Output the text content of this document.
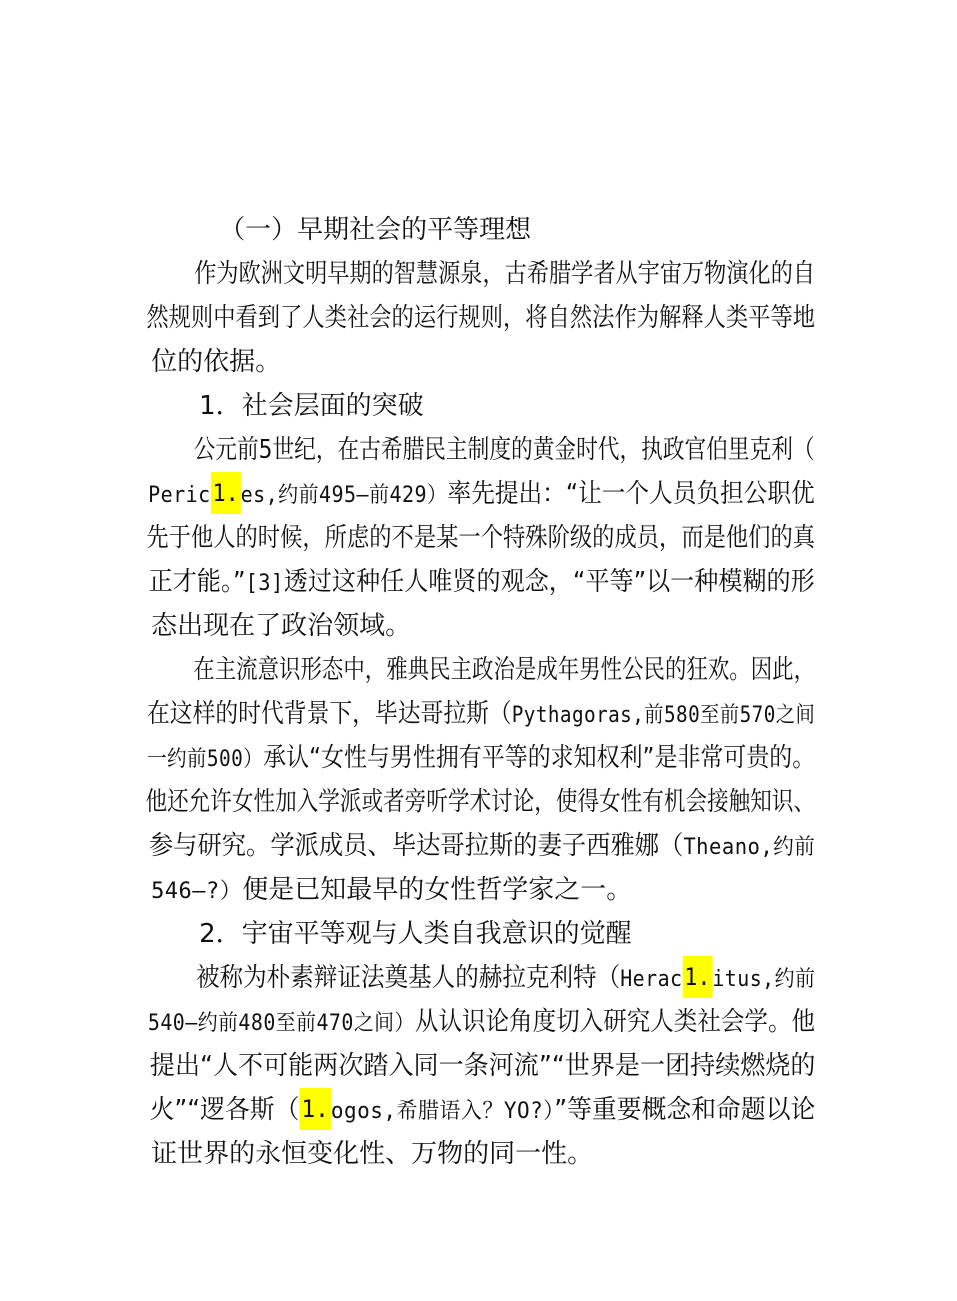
（一）早期社会的平等理想

作为欧洲文明早期的智慧源泉，古希腊学者从宇宙万物演化的自

然规则中看到了人类社会的运行规则，将自然法作为解释人类平等地

位的依据。

1．社会层面的突破

公元前5世纪，在古希腊民主制度的黄金时代，执政官伯里克利（

Peric1.es,约前495—前429）率先提出：“让一个人员负担公职优

先于他人的时候，所虑的不是某一个特殊阶级的成员，而是他们的真

正才能。”[3]透过这种任人唯贤的观念，“平等”以一种模糊的形

态出现在了政治领域。

在主流意识形态中，雅典民主政治是成年男性公民的狂欢。因此，

在这样的时代背景下，毕达哥拉斯（Pythagoras,前580至前570之间

一约前500）承认“女性与男性拥有平等的求知权利”是非常可贵的。

他还允许女性加入学派或者旁听学术讨论，使得女性有机会接触知识、

参与研究。学派成员、毕达哥拉斯的妻子西雅娜（Theano,约前

546—?）便是已知最早的女性哲学家之一。

2．宇宙平等观与人类自我意识的觉醒

被称为朴素辩证法奠基人的赫拉克利特（Herac1.itus,约前

540—约前480至前470之间）从认识论角度切入研究人类社会学。他

提出“人不可能两次踏入同一条河流”“世界是一团持续燃烧的

火”“逻各斯（1.ogos,希腊语入？YO?）”等重要概念和命题以论

证世界的永恒变化性、万物的同一性。
